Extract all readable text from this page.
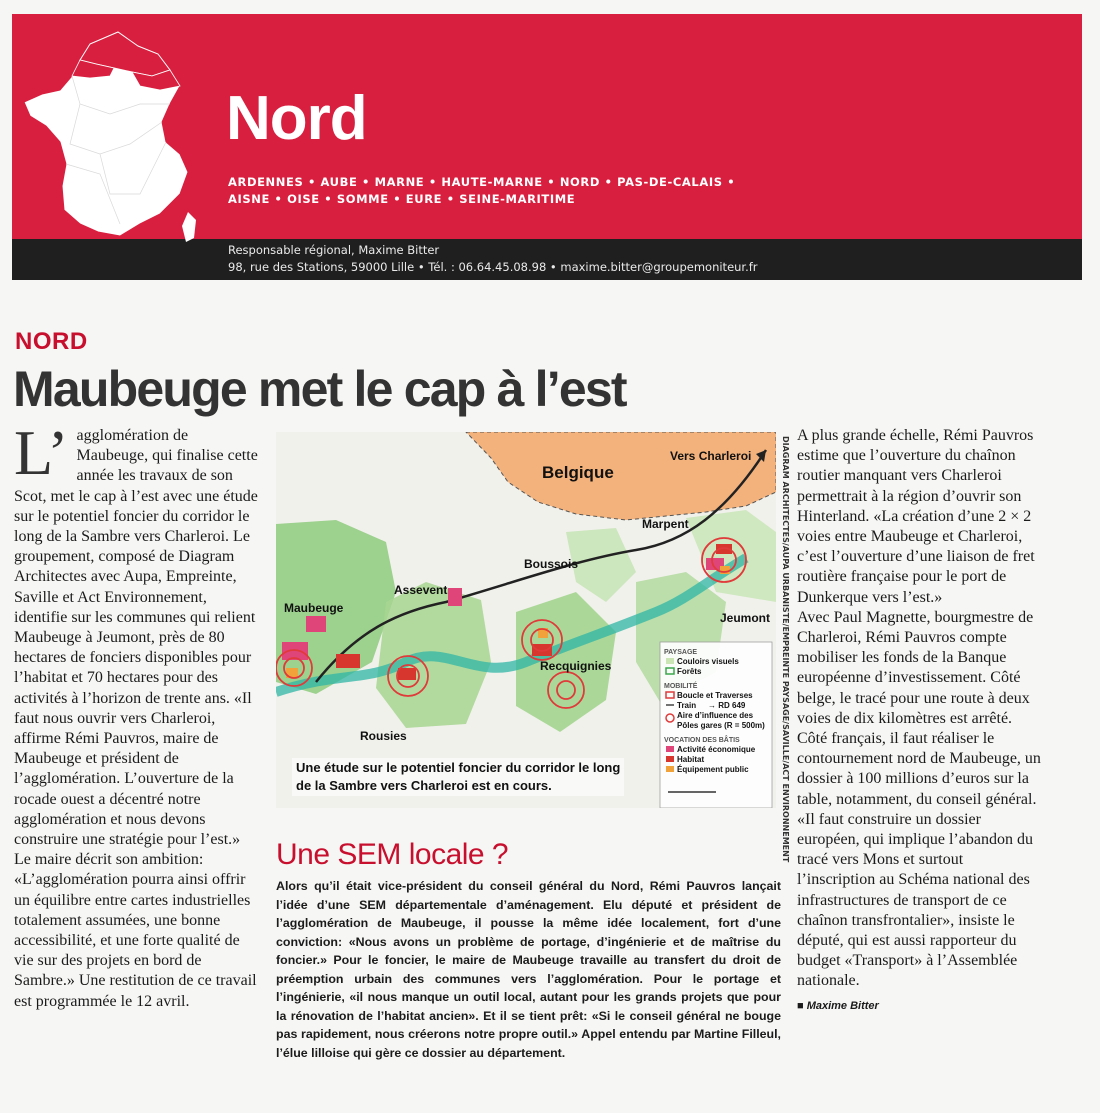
Nord
ARDENNES • AUBE • MARNE • HAUTE-MARNE • NORD • PAS-DE-CALAIS •
AISNE • OISE • SOMME • EURE • SEINE-MARITIME
Responsable régional, Maxime Bitter
98, rue des Stations, 59000 Lille • Tél. : 06.64.45.08.98 • maxime.bitter@groupemoniteur.fr
NORD
Maubeuge met le cap à l’est
L’ agglomération de Maubeuge, qui finalise cette année les travaux de son Scot, met le cap à l’est avec une étude sur le potentiel foncier du corridor le long de la Sambre vers Charleroi. Le groupement, composé de Diagram Architectes avec Aupa, Empreinte, Saville et Act Environnement, identifie sur les communes qui relient Maubeuge à Jeumont, près de 80 hectares de fonciers disponibles pour l’habitat et 70 hectares pour des activités à l’horizon de trente ans. «Il faut nous ouvrir vers Charleroi, affirme Rémi Pauvros, maire de Maubeuge et président de l’agglomération. L’ouverture de la rocade ouest a décentré notre agglomération et nous devons construire une stratégie pour l’est.» Le maire décrit son ambition: «L’agglomération pourra ainsi offrir un équilibre entre cartes industrielles totalement assumées, une bonne accessibilité, et une forte qualité de vie sur des projets en bord de Sambre.» Une restitution de ce travail est programmée le 12 avril.

Belgique
Vers Charleroi
Marpent
Boussois
Assevent
Maubeuge
Jeumont
Recquignies
Rousies
PAYSAGE
Couloirs visuels
Forêts
MOBILITÉ
Boucle et Traverses
Train → RD 649
Aire d’influence des
Pôles gares (R = 500m)
VOCATION DES BÂTIS
Activité économique
Habitat
Équipement public
Une étude sur le potentiel foncier du corridor le long
de la Sambre vers Charleroi est en cours.	DIAGRAM ARCHITECTES/AUPA URBANISTE/EMPREINTE PAYSAGE/SAVILLE/ACT ENVIRONNEMENT

A plus grande échelle, Rémi Pauvros estime que l’ouverture du chaînon routier manquant vers Charleroi permettrait à la région d’ouvrir son Hinterland. «La création d’une 2 × 2 voies entre Maubeuge et Charleroi, c’est l’ouverture d’une liaison de fret routière française pour le port de Dunkerque vers l’est.»

Avec Paul Magnette, bourgmestre de Charleroi, Rémi Pauvros compte mobiliser les fonds de la Banque européenne d’investissement. Côté belge, le tracé pour une route à deux voies de dix kilomètres est arrêté. Côté français, il faut réaliser le contournement nord de Maubeuge, un dossier à 100 millions d’euros sur la table, notamment, du conseil général. «Il faut construire un dossier européen, qui implique l’abandon du tracé vers Mons et surtout l’inscription au Schéma national des infrastructures de transport de ce chaînon transfrontalier», insiste le député, qui est aussi rapporteur du budget «Transport» à l’Assemblée nationale.

■ Maxime Bitter
Une SEM locale ?

Alors qu’il était vice-président du conseil général du Nord, Rémi Pauvros lançait l’idée d’une SEM départementale d’aménagement. Elu député et président de l’agglomération de Maubeuge, il pousse la même idée localement, fort d’une conviction: «Nous avons un problème de portage, d’ingénierie et de maîtrise du foncier.» Pour le foncier, le maire de Maubeuge travaille au transfert du droit de préemption urbain des communes vers l’agglomération. Pour le portage et l’ingénierie, «il nous manque un outil local, autant pour les grands projets que pour la rénovation de l’habitat ancien». Et il se tient prêt: «Si le conseil général ne bouge pas rapidement, nous créerons notre propre outil.» Appel entendu par Martine Filleul, l’élue lilloise qui gère ce dossier au département.
